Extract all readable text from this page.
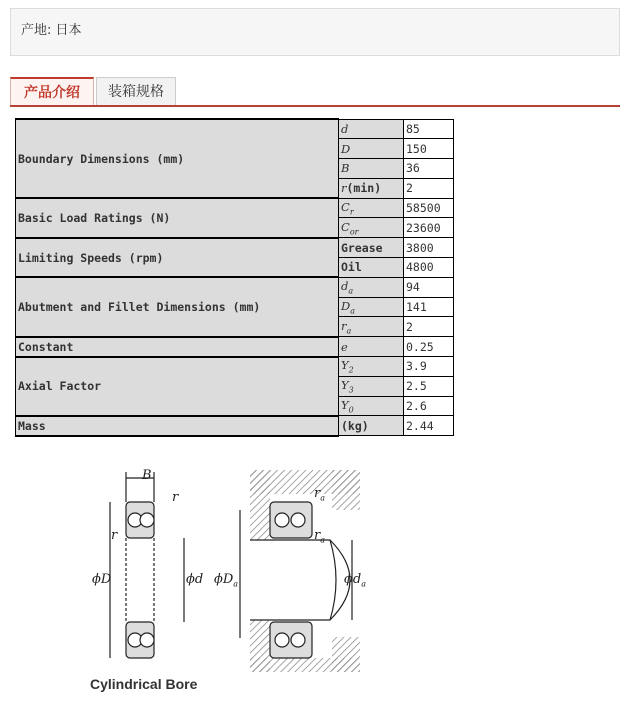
产地: 日本
产品介绍	装箱规格
Boundary Dimensions (mm)	d	85
	D	150
	B	36
	r(min)	2
Basic Load Ratings (N)	$C_r$	58500
	$C_{or}$	23600
Limiting Speeds (rpm)	Grease	3800
	Oil	4800
Abutment and Fillet Dimensions (mm)	$d_a$	94
	$D_a$	141
	$r_a$	2
Constant	e	0.25
Axial Factor	$Y_2$	3.9
	$Y_3$	2.5
	$Y_0$	2.6
Mass	(kg)	2.44
B
r
r
ϕD	ϕd
$r_a$
$r_a$
$\phi D_a$	$\phi d_a$
Cylindrical Bore
